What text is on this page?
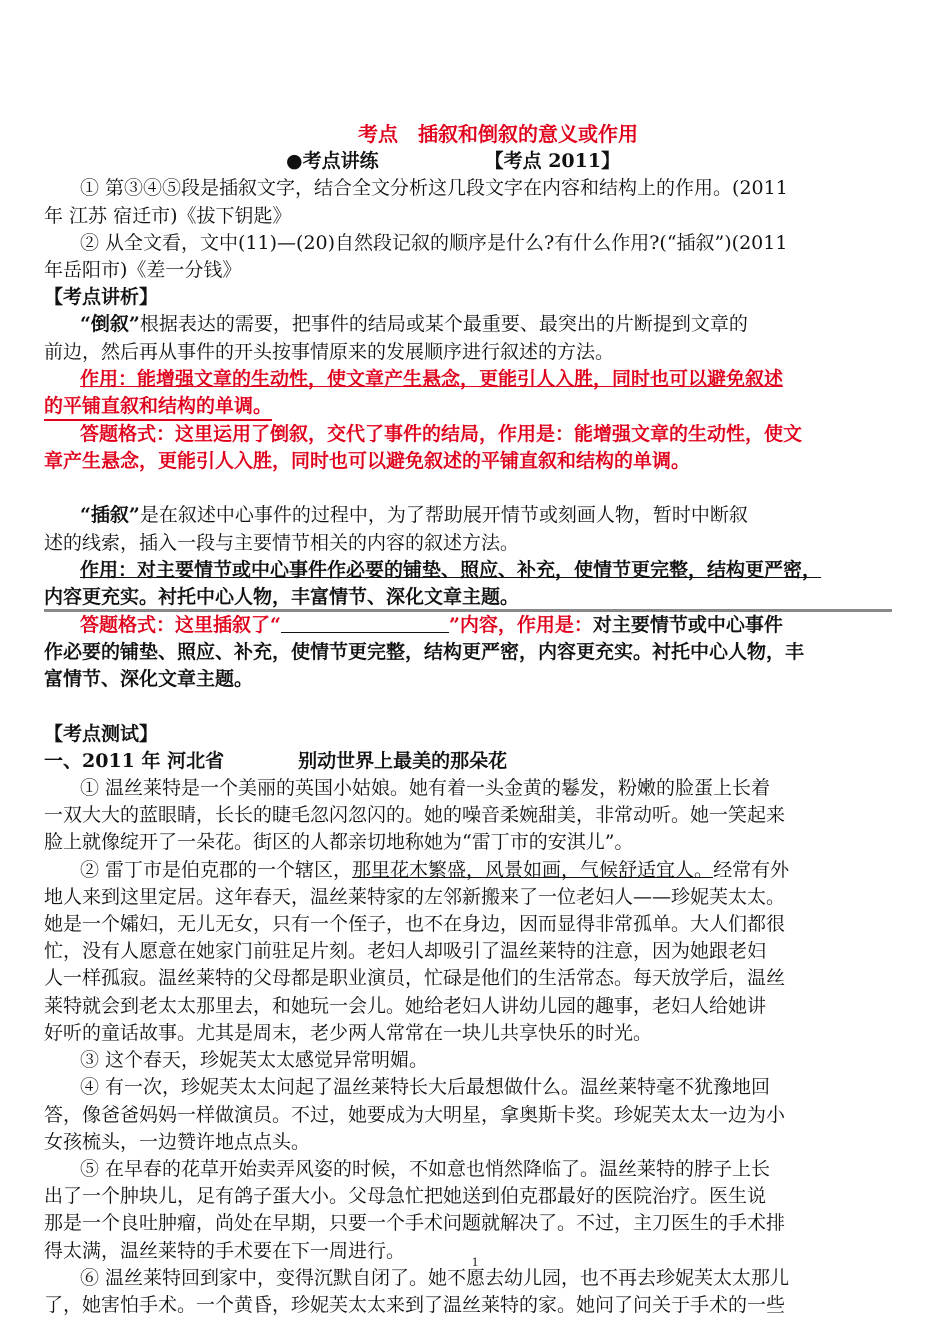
考点　插叙和倒叙的意义或作用
●考点讲练	【考点 2011】
① 第③④⑤段是插叙文字，结合全文分析这几段文字在内容和结构上的作用。(2011
年 江苏 宿迁市)《拔下钥匙》
② 从全文看，文中(11)—(20)自然段记叙的顺序是什么?有什么作用?(“插叙”)(2011
年岳阳市)《差一分钱》
【考点讲析】
“倒叙”根据表达的需要，把事件的结局或某个最重要、最突出的片断提到文章的
前边，然后再从事件的开头按事情原来的发展顺序进行叙述的方法。
作用：能增强文章的生动性，使文章产生悬念，更能引人入胜，同时也可以避免叙述
的平铺直叙和结构的单调。
答题格式：这里运用了倒叙，交代了事件的结局，作用是：能增强文章的生动性，使文
章产生悬念，更能引人入胜，同时也可以避免叙述的平铺直叙和结构的单调。
“插叙”是在叙述中心事件的过程中，为了帮助展开情节或刻画人物，暂时中断叙
述的线索，插入一段与主要情节相关的内容的叙述方法。
作用：对主要情节或中心事件作必要的铺垫、照应、补充，使情节更完整，结构更严密，
内容更充实。衬托中心人物，丰富情节、深化文章主题。
答题格式：这里插叙了“	”内容，作用是：对主要情节或中心事件
作必要的铺垫、照应、补充，使情节更完整，结构更严密，内容更充实。衬托中心人物，丰
富情节、深化文章主题。
【考点测试】
一、2011 年 河北省	别动世界上最美的那朵花
① 温丝莱特是一个美丽的英国小姑娘。她有着一头金黄的鬈发，粉嫩的脸蛋上长着
一双大大的蓝眼睛，长长的睫毛忽闪忽闪的。她的噪音柔婉甜美，非常动听。她一笑起来
脸上就像绽开了一朵花。街区的人都亲切地称她为“雷丁市的安淇儿”。
② 雷丁市是伯克郡的一个辖区，那里花木繁盛，风景如画，气候舒适宜人。经常有外
地人来到这里定居。这年春天，温丝莱特家的左邻新搬来了一位老妇人——珍妮芙太太。
她是一个孀妇，无儿无女，只有一个侄子，也不在身边，因而显得非常孤单。大人们都很
忙，没有人愿意在她家门前驻足片刻。老妇人却吸引了温丝莱特的注意，因为她跟老妇
人一样孤寂。温丝莱特的父母都是职业演员，忙碌是他们的生活常态。每天放学后，温丝
莱特就会到老太太那里去，和她玩一会儿。她给老妇人讲幼儿园的趣事，老妇人给她讲
好听的童话故事。尤其是周末，老少两人常常在一块儿共享快乐的时光。
③ 这个春天，珍妮芙太太感觉异常明媚。
④ 有一次，珍妮芙太太问起了温丝莱特长大后最想做什么。温丝莱特毫不犹豫地回
答，像爸爸妈妈一样做演员。不过，她要成为大明星，拿奥斯卡奖。珍妮芙太太一边为小
女孩梳头，一边赞许地点点头。
⑤ 在早春的花草开始卖弄风姿的时候，不如意也悄然降临了。温丝莱特的脖子上长
出了一个肿块儿，足有鸽子蛋大小。父母急忙把她送到伯克郡最好的医院治疗。医生说
那是一个良吐肿瘤，尚处在早期，只要一个手术问题就解决了。不过，主刀医生的手术排
得太满，温丝莱特的手术要在下一周进行。
⑥ 温丝莱特回到家中，变得沉默自闭了。她不愿去幼儿园，也不再去珍妮芙太太那儿
了，她害怕手术。一个黄昏，珍妮芙太太来到了温丝莱特的家。她问了问关于手术的一些
1
